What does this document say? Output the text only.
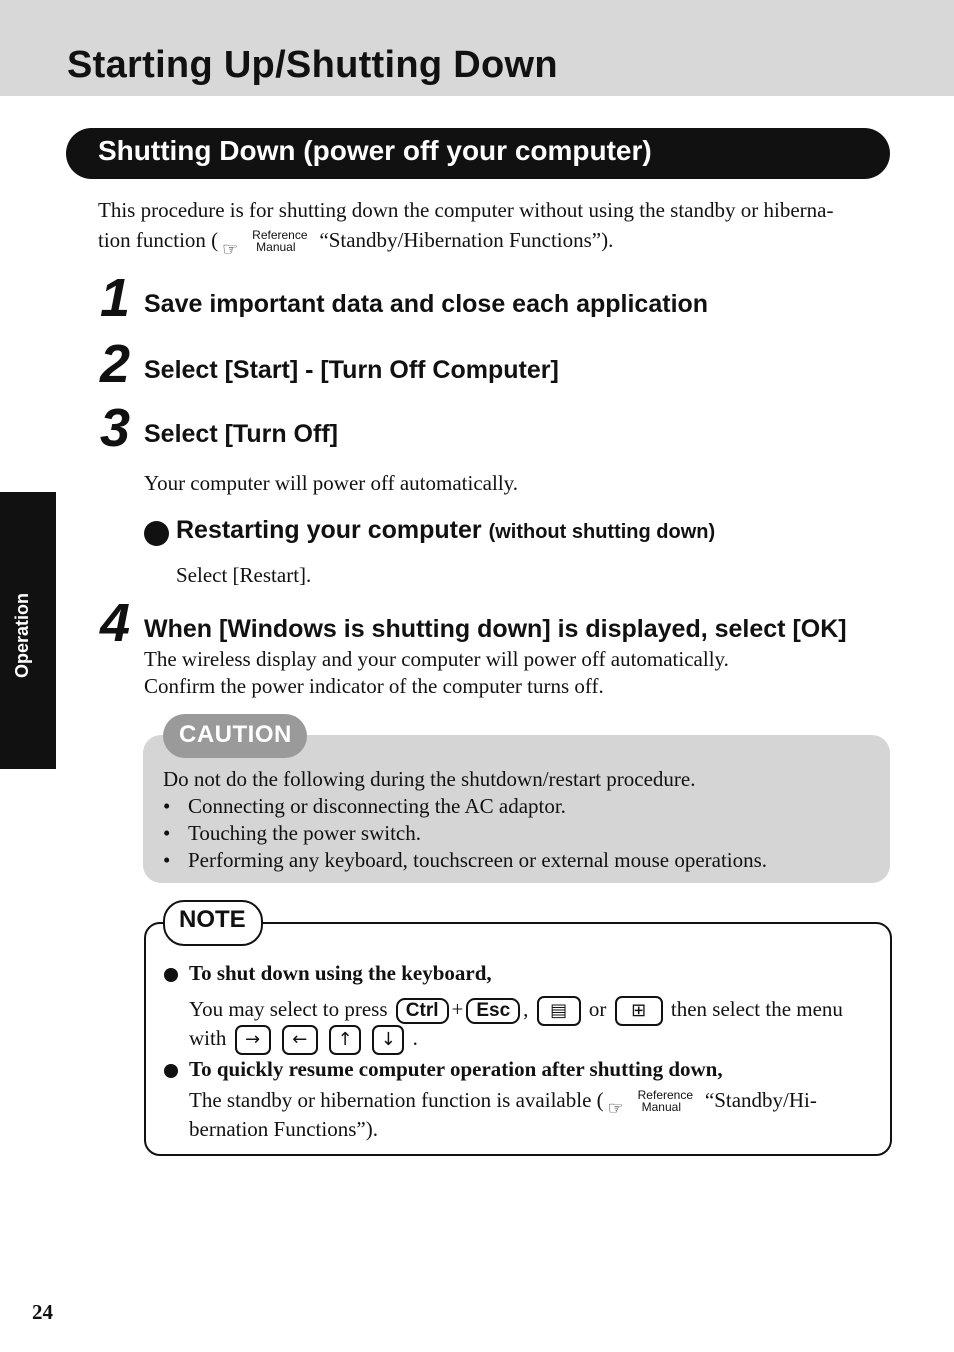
Starting Up/Shutting Down
Shutting Down (power off your computer)
This procedure is for shutting down the computer without using the standby or hiberna-
tion function ( ☞
Reference
Manual “Standby/Hibernation Functions”).
1 Save important data and close each application
2 Select [Start] - [Turn Off Computer]
3 Select [Turn Off]
Your computer will power off automatically.
Operation
Restarting your computer (without shutting down)
Select [Restart].
4 When [Windows is shutting down] is displayed, select [OK]
The wireless display and your computer will power off automatically.
Confirm the power indicator of the computer turns off.
CAUTION
Do not do the following during the shutdown/restart procedure.
• Connecting or disconnecting the AC adaptor.
• Touching the power switch.
• Performing any keyboard, touchscreen or external mouse operations.
NOTE
To shut down using the keyboard,
You may select to press Ctrl + Esc ,	▤	or	⊞	then select the menu
with	→
	←
	↑
	↓ .
To quickly resume computer operation after shutting down,
The standby or hibernation function is available ( ☞
Reference
Manual “Standby/Hi-
bernation Functions”).
24
